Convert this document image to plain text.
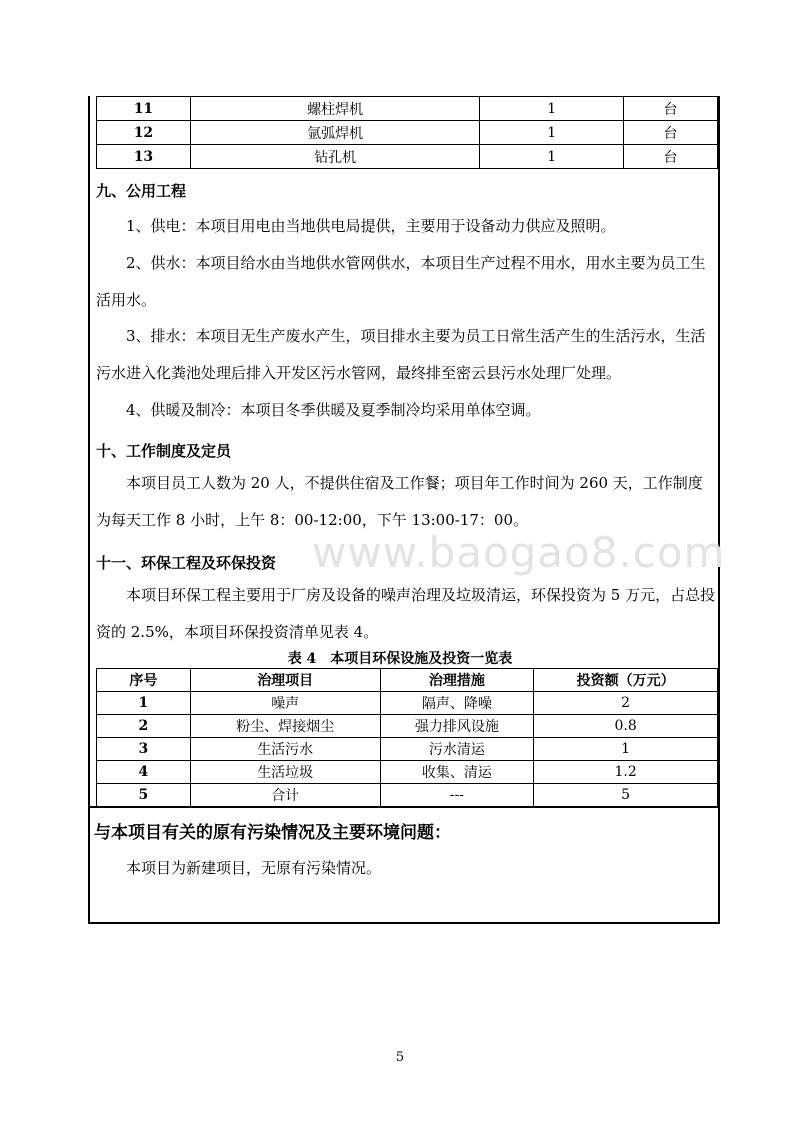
11	螺柱焊机	1	台
12	氩弧焊机	1	台
13	钻孔机	1	台
九、公用工程

1、供电：本项目用电由当地供电局提供，主要用于设备动力供应及照明。

2、供水：本项目给水由当地供水管网供水，本项目生产过程不用水，用水主要为员工生活用水。

3、排水：本项目无生产废水产生，项目排水主要为员工日常生活产生的生活污水，生活污水进入化粪池处理后排入开发区污水管网，最终排至密云县污水处理厂处理。

4、供暖及制冷：本项目冬季供暖及夏季制冷均采用单体空调。

十、工作制度及定员

本项目员工人数为 20 人，不提供住宿及工作餐；项目年工作时间为 260 天，工作制度为每天工作 8 小时，上午 8：00-12:00，下午 13:00-17：00。

www.baogao8.com
十一、环保工程及环保投资

本项目环保工程主要用于厂房及设备的噪声治理及垃圾清运，环保投资为 5 万元，占总投资的 2.5%，本项目环保投资清单见表 4。

表 4　本项目环保设施及投资一览表
序号	治理项目	治理措施	投资额（万元）
1	噪声	隔声、降噪	2
2	粉尘、焊接烟尘	强力排风设施	0.8
3	生活污水	污水清运	1
4	生活垃圾	收集、清运	1.2
5	合计	---	5
与本项目有关的原有污染情况及主要环境问题：

本项目为新建项目，无原有污染情况。

5
